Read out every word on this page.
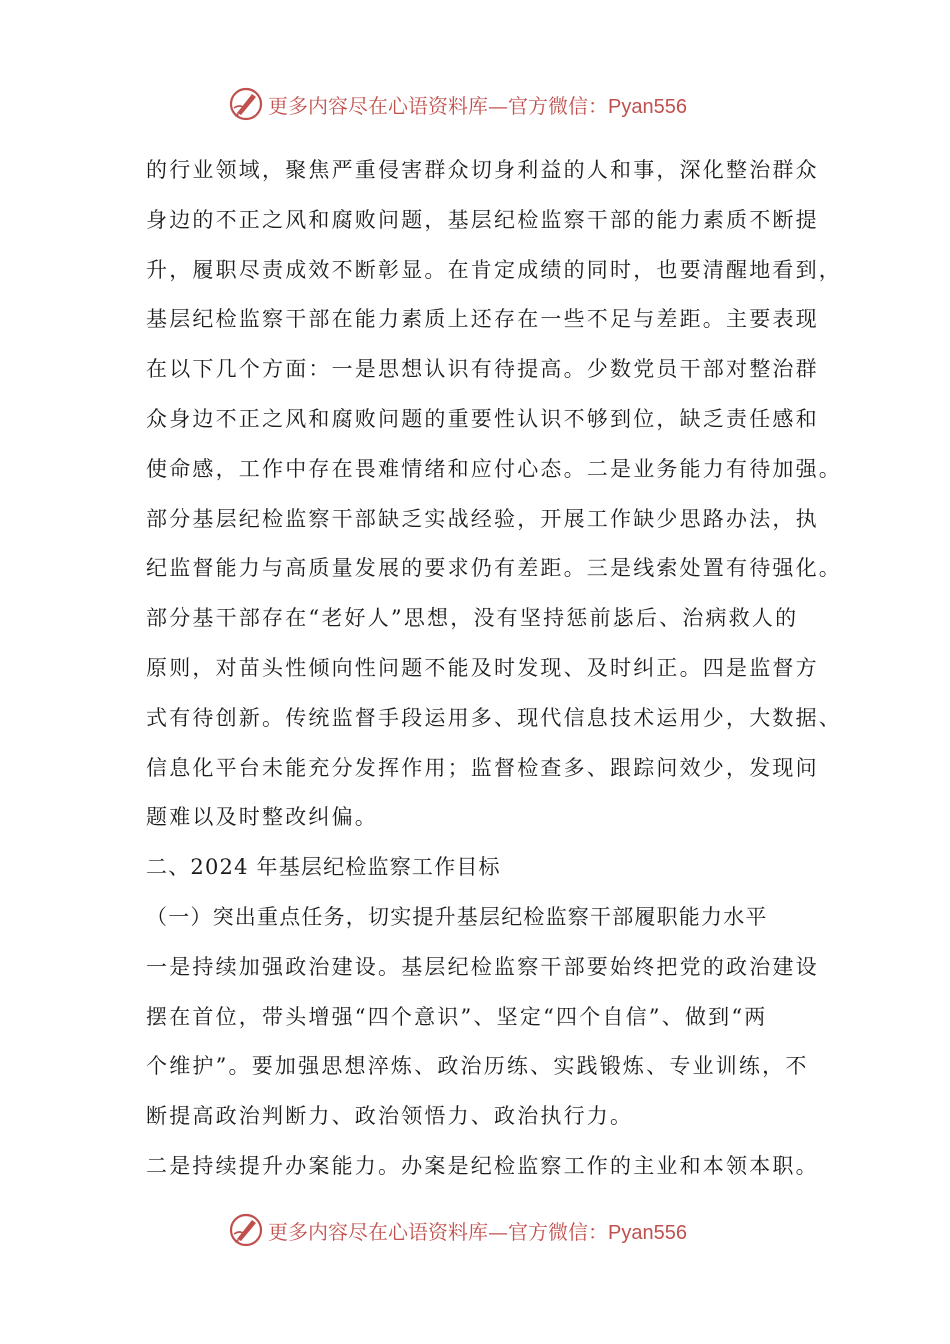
更多内容尽在心语资料库—官方微信：Pyan556
的行业领域，聚焦严重侵害群众切身利益的人和事，深化整治群众
身边的不正之风和腐败问题，基层纪检监察干部的能力素质不断提
升，履职尽责成效不断彰显。在肯定成绩的同时，也要清醒地看到，
基层纪检监察干部在能力素质上还存在一些不足与差距。主要表现
在以下几个方面：一是思想认识有待提高。少数党员干部对整治群
众身边不正之风和腐败问题的重要性认识不够到位，缺乏责任感和
使命感，工作中存在畏难情绪和应付心态。二是业务能力有待加强。
部分基层纪检监察干部缺乏实战经验，开展工作缺少思路办法，执
纪监督能力与高质量发展的要求仍有差距。三是线索处置有待强化。
部分基干部存在“老好人”思想，没有坚持惩前毖后、治病救人的
原则，对苗头性倾向性问题不能及时发现、及时纠正。四是监督方
式有待创新。传统监督手段运用多、现代信息技术运用少，大数据、
信息化平台未能充分发挥作用；监督检查多、跟踪问效少，发现问
题难以及时整改纠偏。
二、2024 年基层纪检监察工作目标
（一）突出重点任务，切实提升基层纪检监察干部履职能力水平
一是持续加强政治建设。基层纪检监察干部要始终把党的政治建设
摆在首位，带头增强“四个意识”、坚定“四个自信”、做到“两
个维护”。要加强思想淬炼、政治历练、实践锻炼、专业训练，不
断提高政治判断力、政治领悟力、政治执行力。
二是持续提升办案能力。办案是纪检监察工作的主业和本领本职。
更多内容尽在心语资料库—官方微信：Pyan556
